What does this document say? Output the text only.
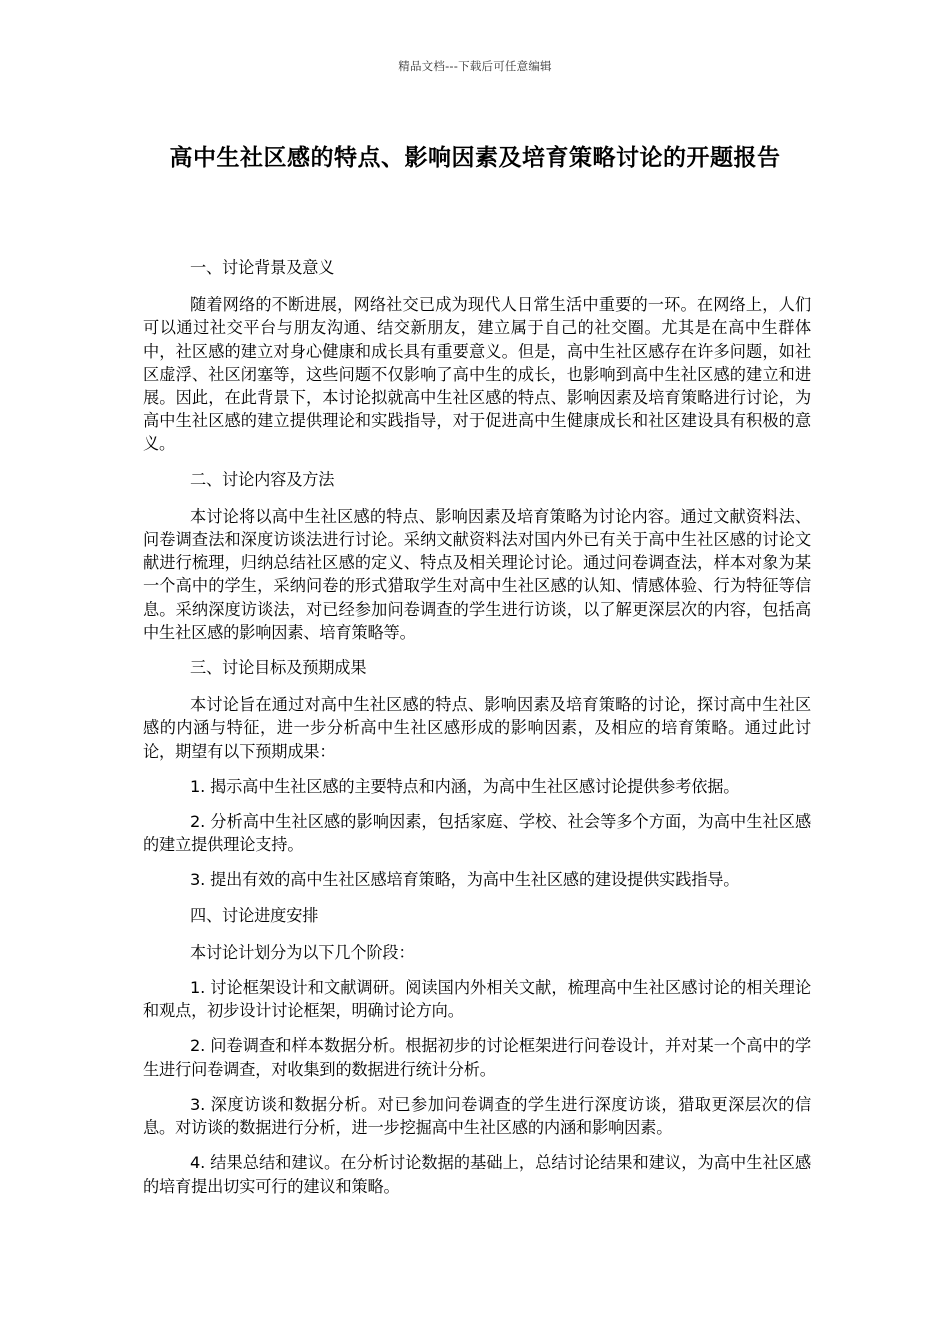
精品文档---下载后可任意编辑
高中生社区感的特点、影响因素及培育策略讨论的开题报告

一、讨论背景及意义

随着网络的不断进展，网络社交已成为现代人日常生活中重要的一环。在网络上，人们可以通过社交平台与朋友沟通、结交新朋友，建立属于自己的社交圈。尤其是在高中生群体中，社区感的建立对身心健康和成长具有重要意义。但是，高中生社区感存在许多问题，如社区虚浮、社区闭塞等，这些问题不仅影响了高中生的成长，也影响到高中生社区感的建立和进展。因此，在此背景下，本讨论拟就高中生社区感的特点、影响因素及培育策略进行讨论，为高中生社区感的建立提供理论和实践指导，对于促进高中生健康成长和社区建设具有积极的意义。

二、讨论内容及方法

本讨论将以高中生社区感的特点、影响因素及培育策略为讨论内容。通过文献资料法、问卷调查法和深度访谈法进行讨论。采纳文献资料法对国内外已有关于高中生社区感的讨论文献进行梳理，归纳总结社区感的定义、特点及相关理论讨论。通过问卷调查法，样本对象为某一个高中的学生，采纳问卷的形式猎取学生对高中生社区感的认知、情感体验、行为特征等信息。采纳深度访谈法，对已经参加问卷调查的学生进行访谈，以了解更深层次的内容，包括高中生社区感的影响因素、培育策略等。

三、讨论目标及预期成果

本讨论旨在通过对高中生社区感的特点、影响因素及培育策略的讨论，探讨高中生社区感的内涵与特征，进一步分析高中生社区感形成的影响因素，及相应的培育策略。通过此讨论，期望有以下预期成果：

1. 揭示高中生社区感的主要特点和内涵，为高中生社区感讨论提供参考依据。

2. 分析高中生社区感的影响因素，包括家庭、学校、社会等多个方面，为高中生社区感的建立提供理论支持。

3. 提出有效的高中生社区感培育策略，为高中生社区感的建设提供实践指导。

四、讨论进度安排

本讨论计划分为以下几个阶段：

1. 讨论框架设计和文献调研。阅读国内外相关文献，梳理高中生社区感讨论的相关理论和观点，初步设计讨论框架，明确讨论方向。

2. 问卷调查和样本数据分析。根据初步的讨论框架进行问卷设计，并对某一个高中的学生进行问卷调查，对收集到的数据进行统计分析。

3. 深度访谈和数据分析。对已参加问卷调查的学生进行深度访谈，猎取更深层次的信息。对访谈的数据进行分析，进一步挖掘高中生社区感的内涵和影响因素。

4. 结果总结和建议。在分析讨论数据的基础上，总结讨论结果和建议，为高中生社区感的培育提出切实可行的建议和策略。
